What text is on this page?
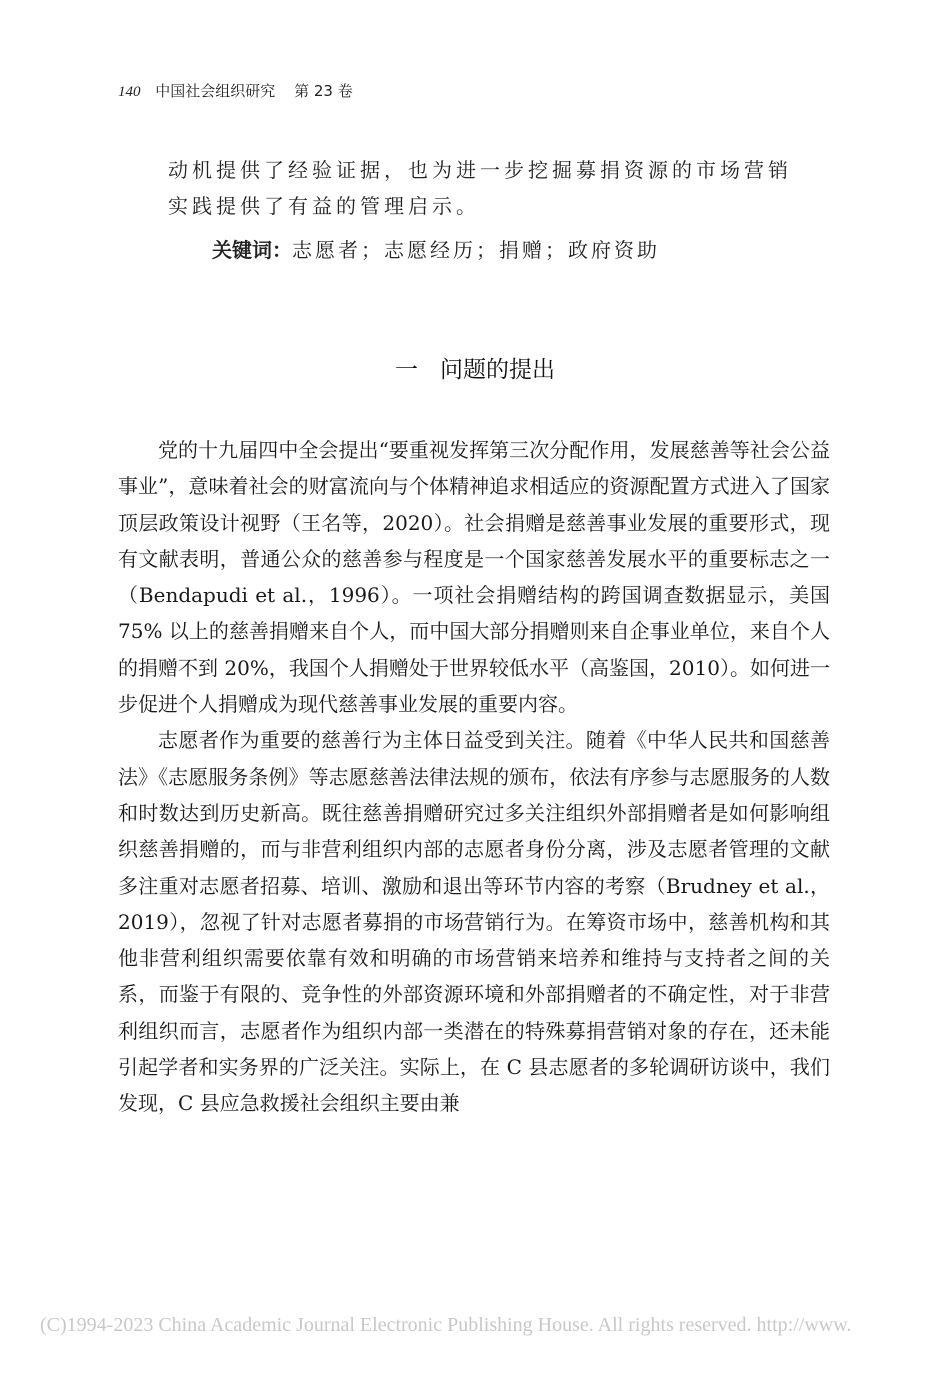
140 中国社会组织研究 第 23 卷

动机提供了经验证据，也为进一步挖掘募捐资源的市场营销

实践提供了有益的管理启示。

关键词：志愿者；志愿经历；捐赠；政府资助
一 问题的提出

党的十九届四中全会提出“要重视发挥第三次分配作用，发展慈善等社会公益事业”，意味着社会的财富流向与个体精神追求相适应的资源配置方式进入了国家顶层政策设计视野（王名等，2020）。社会捐赠是慈善事业发展的重要形式，现有文献表明，普通公众的慈善参与程度是一个国家慈善发展水平的重要标志之一（Bendapudi et al.，1996）。一项社会捐赠结构的跨国调查数据显示，美国 75% 以上的慈善捐赠来自个人，而中国大部分捐赠则来自企事业单位，来自个人的捐赠不到 20%，我国个人捐赠处于世界较低水平（高鉴国，2010）。如何进一步促进个人捐赠成为现代慈善事业发展的重要内容。

志愿者作为重要的慈善行为主体日益受到关注。随着《中华人民共和国慈善法》《志愿服务条例》等志愿慈善法律法规的颁布，依法有序参与志愿服务的人数和时数达到历史新高。既往慈善捐赠研究过多关注组织外部捐赠者是如何影响组织慈善捐赠的，而与非营利组织内部的志愿者身份分离，涉及志愿者管理的文献多注重对志愿者招募、培训、激励和退出等环节内容的考察（Brudney et al.，2019），忽视了针对志愿者募捐的市场营销行为。在筹资市场中，慈善机构和其他非营利组织需要依靠有效和明确的市场营销来培养和维持与支持者之间的关系，而鉴于有限的、竞争性的外部资源环境和外部捐赠者的不确定性，对于非营利组织而言，志愿者作为组织内部一类潜在的特殊募捐营销对象的存在，还未能引起学者和实务界的广泛关注。实际上，在 C 县志愿者的多轮调研访谈中，我们发现，C 县应急救援社会组织主要由兼

(C)1994-2023 China Academic Journal Electronic Publishing House. All rights reserved. http://www.
